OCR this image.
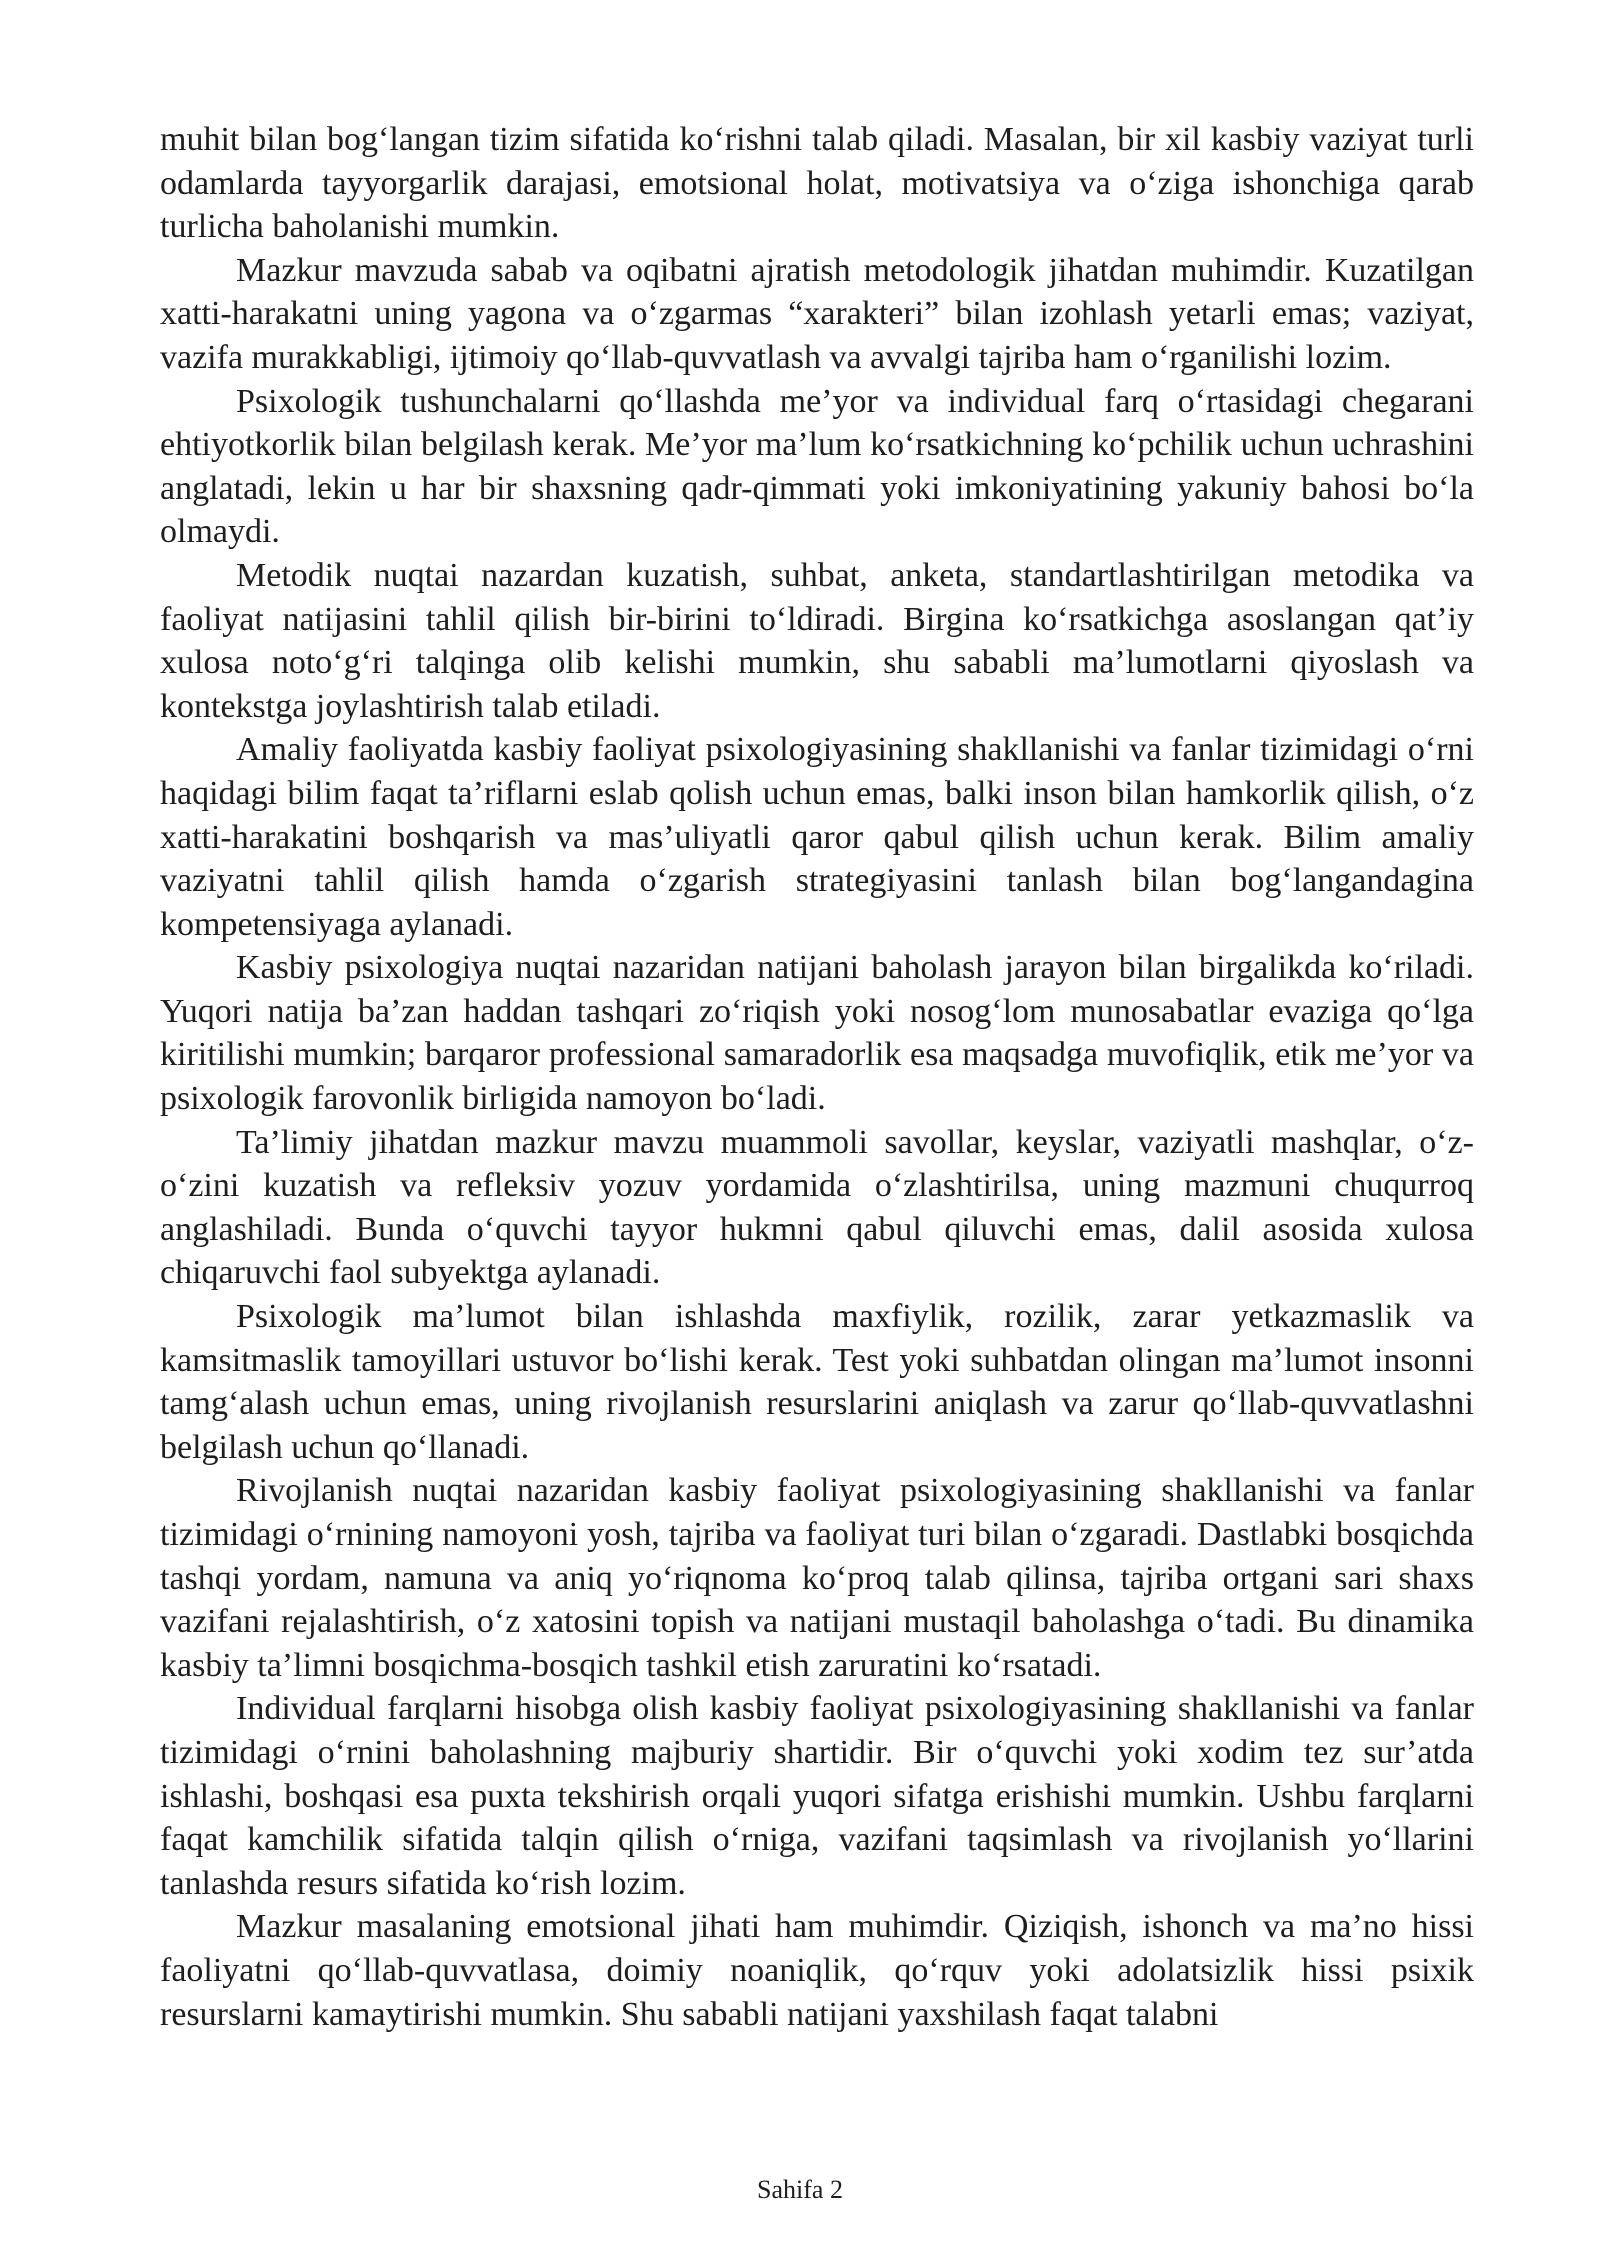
muhit bilan bog‘langan tizim sifatida ko‘rishni talab qiladi. Masalan, bir xil kasbiy vaziyat turli odamlarda tayyorgarlik darajasi, emotsional holat, motivatsiya va o‘ziga ishonchiga qarab turlicha baholanishi mumkin.

Mazkur mavzuda sabab va oqibatni ajratish metodologik jihatdan muhimdir. Kuzatilgan xatti-harakatni uning yagona va o‘zgarmas “xarakteri” bilan izohlash yetarli emas; vaziyat, vazifa murakkabligi, ijtimoiy qo‘llab-quvvatlash va avvalgi tajriba ham o‘rganilishi lozim.

Psixologik tushunchalarni qo‘llashda me’yor va individual farq o‘rtasidagi chegarani ehtiyotkorlik bilan belgilash kerak. Me’yor ma’lum ko‘rsatkichning ko‘pchilik uchun uchrashini anglatadi, lekin u har bir shaxsning qadr-qimmati yoki imkoniyatining yakuniy bahosi bo‘la olmaydi.

Metodik nuqtai nazardan kuzatish, suhbat, anketa, standartlashtirilgan metodika va faoliyat natijasini tahlil qilish bir-birini to‘ldiradi. Birgina ko‘rsatkichga asoslangan qat’iy xulosa noto‘g‘ri talqinga olib kelishi mumkin, shu sababli ma’lumotlarni qiyoslash va kontekstga joylashtirish talab etiladi.

Amaliy faoliyatda kasbiy faoliyat psixologiyasining shakllanishi va fanlar tizimidagi o‘rni haqidagi bilim faqat ta’riflarni eslab qolish uchun emas, balki inson bilan hamkorlik qilish, o‘z xatti-harakatini boshqarish va mas’uliyatli qaror qabul qilish uchun kerak. Bilim amaliy vaziyatni tahlil qilish hamda o‘zgarish strategiyasini tanlash bilan bog‘langandagina kompetensiyaga aylanadi.

Kasbiy psixologiya nuqtai nazaridan natijani baholash jarayon bilan birgalikda ko‘riladi. Yuqori natija ba’zan haddan tashqari zo‘riqish yoki nosog‘lom munosabatlar evaziga qo‘lga kiritilishi mumkin; barqaror professional samaradorlik esa maqsadga muvofiqlik, etik me’yor va psixologik farovonlik birligida namoyon bo‘ladi.

Ta’limiy jihatdan mazkur mavzu muammoli savollar, keyslar, vaziyatli mashqlar, o‘z-o‘zini kuzatish va refleksiv yozuv yordamida o‘zlashtirilsa, uning mazmuni chuqurroq anglashiladi. Bunda o‘quvchi tayyor hukmni qabul qiluvchi emas, dalil asosida xulosa chiqaruvchi faol subyektga aylanadi.

Psixologik ma’lumot bilan ishlashda maxfiylik, rozilik, zarar yetkazmaslik va kamsitmaslik tamoyillari ustuvor bo‘lishi kerak. Test yoki suhbatdan olingan ma’lumot insonni tamg‘alash uchun emas, uning rivojlanish resurslarini aniqlash va zarur qo‘llab-quvvatlashni belgilash uchun qo‘llanadi.

Rivojlanish nuqtai nazaridan kasbiy faoliyat psixologiyasining shakllanishi va fanlar tizimidagi o‘rnining namoyoni yosh, tajriba va faoliyat turi bilan o‘zgaradi. Dastlabki bosqichda tashqi yordam, namuna va aniq yo‘riqnoma ko‘proq talab qilinsa, tajriba ortgani sari shaxs vazifani rejalashtirish, o‘z xatosini topish va natijani mustaqil baholashga o‘tadi. Bu dinamika kasbiy ta’limni bosqichma-bosqich tashkil etish zaruratini ko‘rsatadi.

Individual farqlarni hisobga olish kasbiy faoliyat psixologiyasining shakllanishi va fanlar tizimidagi o‘rnini baholashning majburiy shartidir. Bir o‘quvchi yoki xodim tez sur’atda ishlashi, boshqasi esa puxta tekshirish orqali yuqori sifatga erishishi mumkin. Ushbu farqlarni faqat kamchilik sifatida talqin qilish o‘rniga, vazifani taqsimlash va rivojlanish yo‘llarini tanlashda resurs sifatida ko‘rish lozim.

Mazkur masalaning emotsional jihati ham muhimdir. Qiziqish, ishonch va ma’no hissi faoliyatni qo‘llab-quvvatlasa, doimiy noaniqlik, qo‘rquv yoki adolatsizlik hissi psixik resurslarni kamaytirishi mumkin. Shu sababli natijani yaxshilash faqat talabni

Sahifa 2
